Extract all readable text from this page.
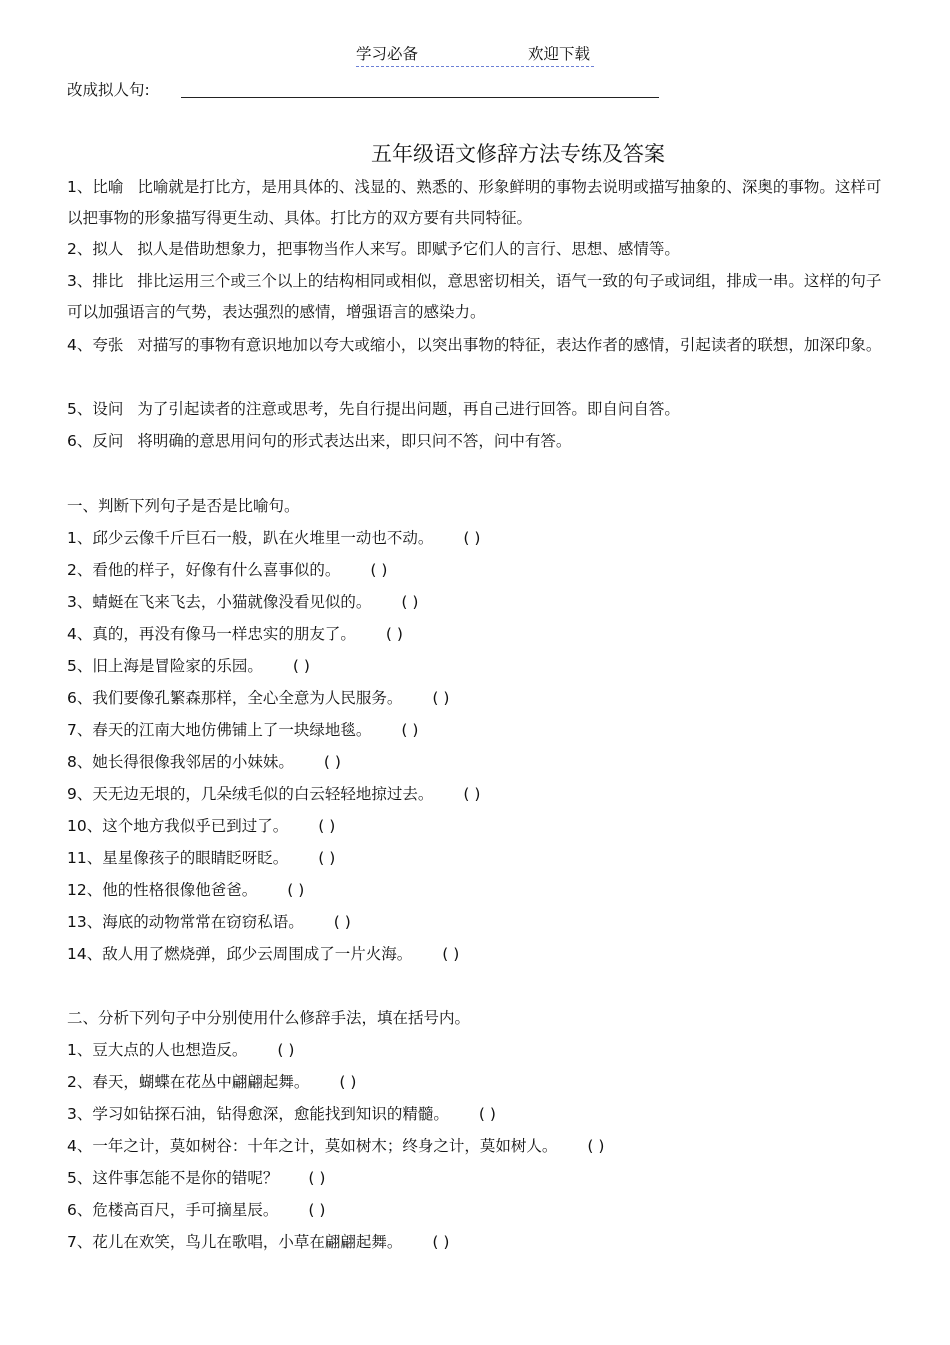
学习必备	欢迎下载
改成拟人句:
五年级语文修辞方法专练及答案
1、比喻 比喻就是打比方，是用具体的、浅显的、熟悉的、形象鲜明的事物去说明或描写抽象的、深奥的事物。这样可以把事物的形象描写得更生动、具体。打比方的双方要有共同特征。
2、拟人 拟人是借助想象力，把事物当作人来写。即赋予它们人的言行、思想、感情等。
3、排比 排比运用三个或三个以上的结构相同或相似，意思密切相关，语气一致的句子或词组，排成一串。这样的句子可以加强语言的气势，表达强烈的感情，增强语言的感染力。
4、夸张 对描写的事物有意识地加以夸大或缩小，以突出事物的特征，表达作者的感情，引起读者的联想，加深印象。
5、设问 为了引起读者的注意或思考，先自行提出问题，再自己进行回答。即自问自答。
6、反问 将明确的意思用问句的形式表达出来，即只问不答，问中有答。
一、判断下列句子是否是比喻句。
1、邱少云像千斤巨石一般，趴在火堆里一动也不动。 ( )
2、看他的样子，好像有什么喜事似的。 ( )
3、蜻蜓在飞来飞去，小猫就像没看见似的。 ( )
4、真的，再没有像马一样忠实的朋友了。 ( )
5、旧上海是冒险家的乐园。 ( )
6、我们要像孔繁森那样，全心全意为人民服务。 ( )
7、春天的江南大地仿佛铺上了一块绿地毯。 ( )
8、她长得很像我邻居的小妹妹。 ( )
9、天无边无垠的，几朵绒毛似的白云轻轻地掠过去。 ( )
10、这个地方我似乎已到过了。 ( )
11、星星像孩子的眼睛眨呀眨。 ( )
12、他的性格很像他爸爸。 ( )
13、海底的动物常常在窃窃私语。 ( )
14、敌人用了燃烧弹，邱少云周围成了一片火海。 ( )
二、分析下列句子中分别使用什么修辞手法，填在括号内。
1、豆大点的人也想造反。 ( )
2、春天，蝴蝶在花丛中翩翩起舞。 ( )
3、学习如钻探石油，钻得愈深，愈能找到知识的精髓。 ( )
4、一年之计，莫如树谷：十年之计，莫如树木；终身之计，莫如树人。 ( )
5、这件事怎能不是你的错呢？ ( )
6、危楼高百尺，手可摘星辰。 ( )
7、花儿在欢笑，鸟儿在歌唱，小草在翩翩起舞。 ( )
